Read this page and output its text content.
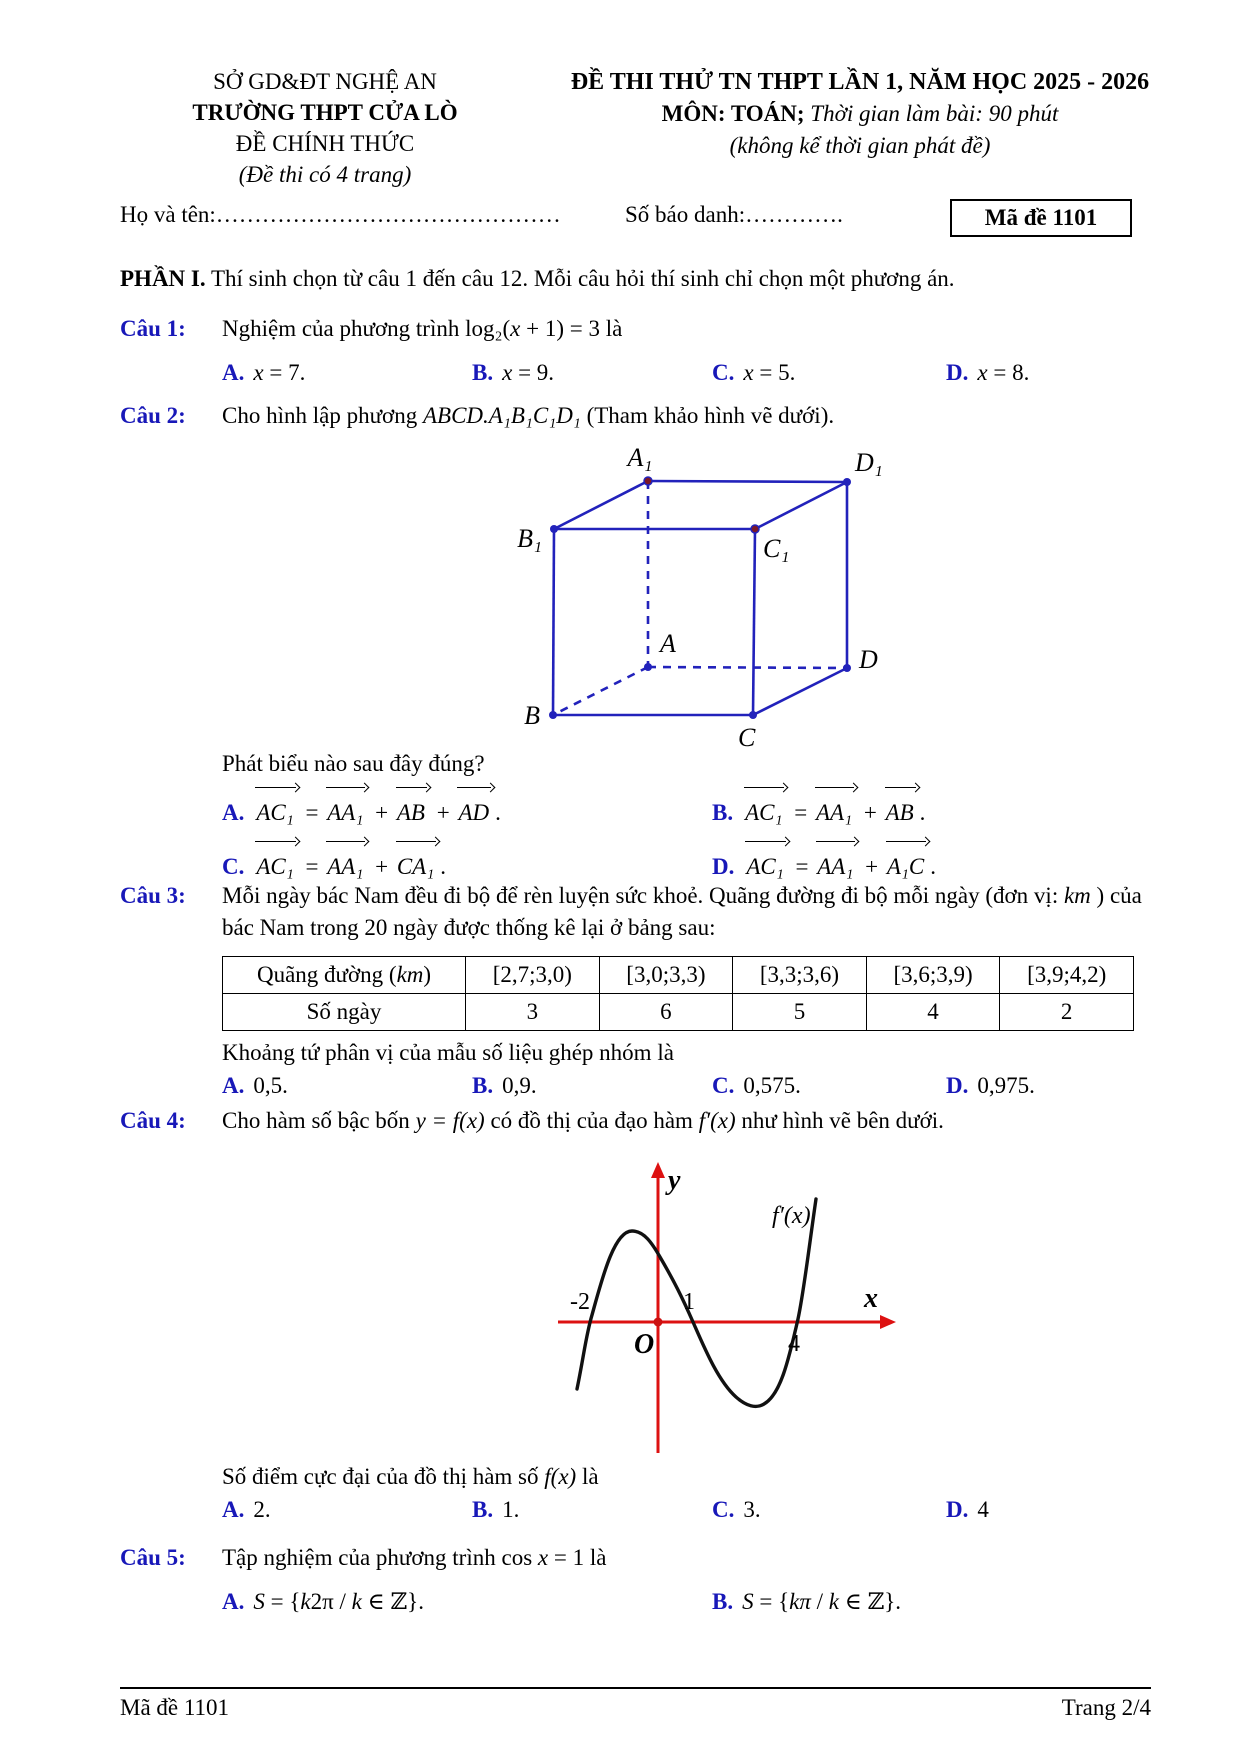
SỞ GD&ĐT NGHỆ AN
TRƯỜNG THPT CỬA LÒ
ĐỀ CHÍNH THỨC
(Đề thi có 4 trang)
ĐỀ THI THỬ TN THPT LẦN 1, NĂM HỌC 2025 - 2026
MÔN: TOÁN; Thời gian làm bài: 90 phút
(không kể thời gian phát đề)
Họ và tên:………………………………………	Số báo danh:………….	Mã đề 1101
PHẦN I. Thí sinh chọn từ câu 1 đến câu 12. Mỗi câu hỏi thí sinh chỉ chọn một phương án.
Câu 1:	Nghiệm của phương trình log₂(x + 1) = 3 là
A. x = 7.	B. x = 9.	C. x = 5.	D. x = 8.
Câu 2:	Cho hình lập phương ABCD.A₁B₁C₁D₁ (Tham khảo hình vẽ dưới).
A₁	D₁
B₁	C₁
A
D
B
C
Phát biểu nào sau đây đúng?
A. AC₁ = AA₁ + AB + AD .	B. AC₁ = AA₁ + AB .
C. AC₁ = AA₁ + CA₁ .	D. AC₁ = AA₁ + A₁C .
Câu 3:	Mỗi ngày bác Nam đều đi bộ để rèn luyện sức khoẻ. Quãng đường đi bộ mỗi ngày (đơn vị: km ) của bác Nam trong 20 ngày được thống kê lại ở bảng sau:
Quãng đường (km)	[2,7;3,0)	[3,0;3,3)	[3,3;3,6)	[3,6;3,9)	[3,9;4,2)
Số ngày	3	6	5	4	2
Khoảng tứ phân vị của mẫu số liệu ghép nhóm là
A. 0,5.	B. 0,9.	C. 0,575.	D. 0,975.
Câu 4:	Cho hàm số bậc bốn y = f(x) có đồ thị của đạo hàm f′(x) như hình vẽ bên dưới.
y
x
O
-2	1
4
f′(x)
Số điểm cực đại của đồ thị hàm số f(x) là
A. 2.	B. 1.	C. 3.	D. 4
Câu 5:	Tập nghiệm của phương trình cos x = 1 là
A. S = {k2π / k ∈ ℤ}.	B. S = {kπ / k ∈ ℤ}.
Mã đề 1101	Trang 2/4
